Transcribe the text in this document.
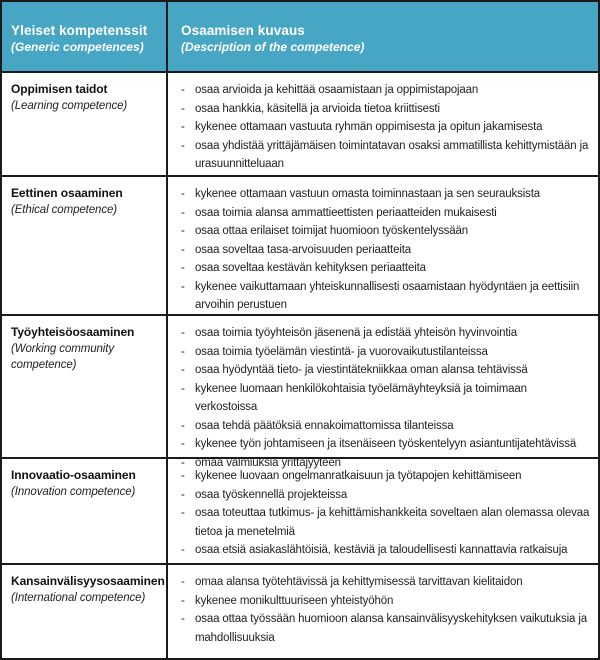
Yleiset kompetenssit
(Generic competences)
Osaamisen kuvaus
(Description of the competence)
Oppimisen taidot
(Learning competence)
- osaa arvioida ja kehittää osaamistaan ja oppimistapojaan
- osaa hankkia, käsitellä ja arvioida tietoa kriittisesti
- kykenee ottamaan vastuuta ryhmän oppimisesta ja opitun jakamisesta
- osaa yhdistää yrittäjämäisen toimintatavan osaksi ammatillista kehittymistään ja urasuunnitteluaan
Eettinen osaaminen
(Ethical competence)
- kykenee ottamaan vastuun omasta toiminnastaan ja sen seurauksista
- osaa toimia alansa ammattieettisten periaatteiden mukaisesti
- osaa ottaa erilaiset toimijat huomioon työskentelyssään
- osaa soveltaa tasa-arvoisuuden periaatteita
- osaa soveltaa kestävän kehityksen periaatteita
- kykenee vaikuttamaan yhteiskunnallisesti osaamistaan hyödyntäen ja eettisiin arvoihin perustuen
Työyhteisöosaaminen
(Working community competence)
- osaa toimia työyhteisön jäsenenä ja edistää yhteisön hyvinvointia
- osaa toimia työelämän viestintä- ja vuorovaikutustilanteissa
- osaa hyödyntää tieto- ja viestintätekniikkaa oman alansa tehtävissä
- kykenee luomaan henkilökohtaisia työelämäyhteyksiä ja toimimaan verkostoissa
- osaa tehdä päätöksiä ennakoimattomissa tilanteissa
- kykenee työn johtamiseen ja itsenäiseen työskentelyyn asiantuntijatehtävissä
- omaa valmiuksia yrittäjyyteen
Innovaatio-osaaminen
(Innovation competence)
- kykenee luovaan ongelmanratkaisuun ja työtapojen kehittämiseen
- osaa työskennellä projekteissa
- osaa toteuttaa tutkimus- ja kehittämishankkeita soveltaen alan olemassa olevaa tietoa ja menetelmiä
- osaa etsiä asiakaslähtöisiä, kestäviä ja taloudellisesti kannattavia ratkaisuja
Kansainvälisyysosaaminen
(International competence)
- omaa alansa työtehtävissä ja kehittymisessä tarvittavan kielitaidon
- kykenee monikulttuuriseen yhteistyöhön
- osaa ottaa työssään huomioon alansa kansainvälisyyskehityksen vaikutuksia ja mahdollisuuksia
